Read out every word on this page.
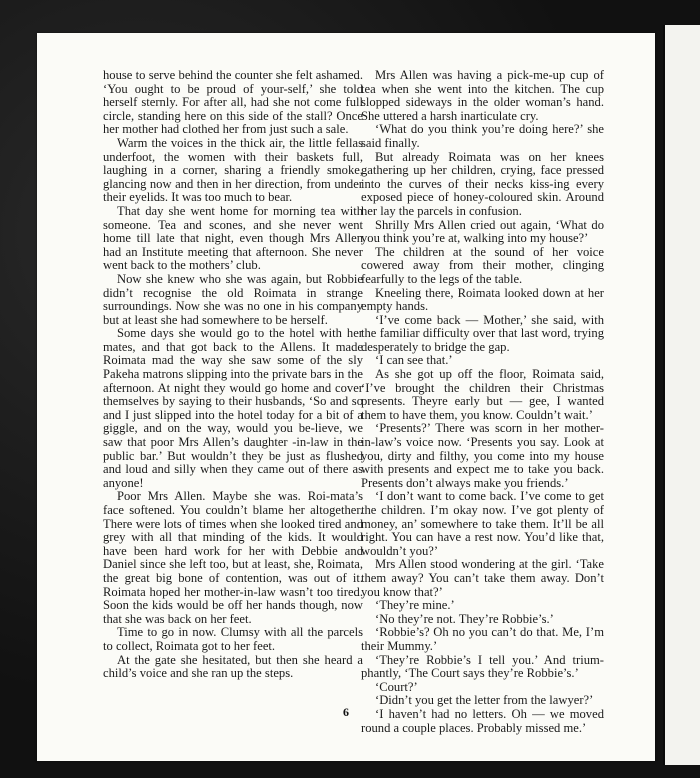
house to serve behind the counter she felt ashamed. ‘You ought to be proud of your-self,’ she told herself sternly. For after all, had she not come full circle, standing here on this side of the stall? Once her mother had clothed her from just such a sale.

Warm the voices in the thick air, the little fellas underfoot, the women with their baskets full, laughing in a corner, sharing a friendly smoke, glancing now and then in her direction, from under their eyelids. It was too much to bear.

That day she went home for morning tea with someone. Tea and scones, and she never went home till late that night, even though Mrs Allen had an Institute meeting that afternoon. She never went back to the mothers’ club.

Now she knew who she was again, but Robbie didn’t recognise the old Roimata in strange surroundings. Now she was no one in his company but at least she had somewhere to be herself.

Some days she would go to the hotel with her mates, and that got back to the Allens. It made Roimata mad the way she saw some of the sly Pakeha matrons slipping into the private bars in the afternoon. At night they would go home and cover themselves by saying to their husbands, ‘So and so and I just slipped into the hotel today for a bit of a giggle, and on the way, would you be-lieve, we saw that poor Mrs Allen’s daughter -in-law in the public bar.’ But wouldn’t they be just as flushed and loud and silly when they came out of there as anyone!

Poor Mrs Allen. Maybe she was. Roi-mata’s face softened. You couldn’t blame her altogether. There were lots of times when she looked tired and grey with all that minding of the kids. It would have been hard work for her with Debbie and Daniel since she left too, but at least, she, Roimata, the great big bone of contention, was out of it. Roimata hoped her mother-in-law wasn’t too tired. Soon the kids would be off her hands though, now that she was back on her feet.

Time to go in now. Clumsy with all the parcels to collect, Roimata got to her feet.

At the gate she hesitated, but then she heard a child’s voice and she ran up the steps.

Mrs Allen was having a pick-me-up cup of tea when she went into the kitchen. The cup slopped sideways in the older woman’s hand. She uttered a harsh inarticulate cry.

‘What do you think you’re doing here?’ she said finally.

But already Roimata was on her knees gathering up her children, crying, face pressed into the curves of their necks kiss-ing every exposed piece of honey-coloured skin. Around her lay the parcels in confusion.

Shrilly Mrs Allen cried out again, ‘What do you think you’re at, walking into my house?’

The children at the sound of her voice cowered away from their mother, clinging fearfully to the legs of the table.

Kneeling there, Roimata looked down at her empty hands.

‘I’ve come back — Mother,’ she said, with the familiar difficulty over that last word, trying desperately to bridge the gap.

‘I can see that.’

As she got up off the floor, Roimata said, ‘I’ve brought the children their Christmas presents. Theyre early but — gee, I wanted them to have them, you know. Couldn’t wait.’

‘Presents?’ There was scorn in her mother-in-law’s voice now. ‘Presents you say. Look at you, dirty and filthy, you come into my house with presents and expect me to take you back. Presents don’t always make you friends.’

‘I don’t want to come back. I’ve come to get the children. I’m okay now. I’ve got plenty of money, an’ somewhere to take them. It’ll be all right. You can have a rest now. You’d like that, wouldn’t you?’

Mrs Allen stood wondering at the girl. ‘Take them away? You can’t take them away. Don’t you know that?’

‘They’re mine.’

‘No they’re not. They’re Robbie’s.’

‘Robbie’s? Oh no you can’t do that. Me, I’m their Mummy.’

‘They’re Robbie’s I tell you.’ And trium-phantly, ‘The Court says they’re Robbie’s.’

‘Court?’

‘Didn’t you get the letter from the lawyer?’

‘I haven’t had no letters. Oh — we moved round a couple places. Probably missed me.’

6
